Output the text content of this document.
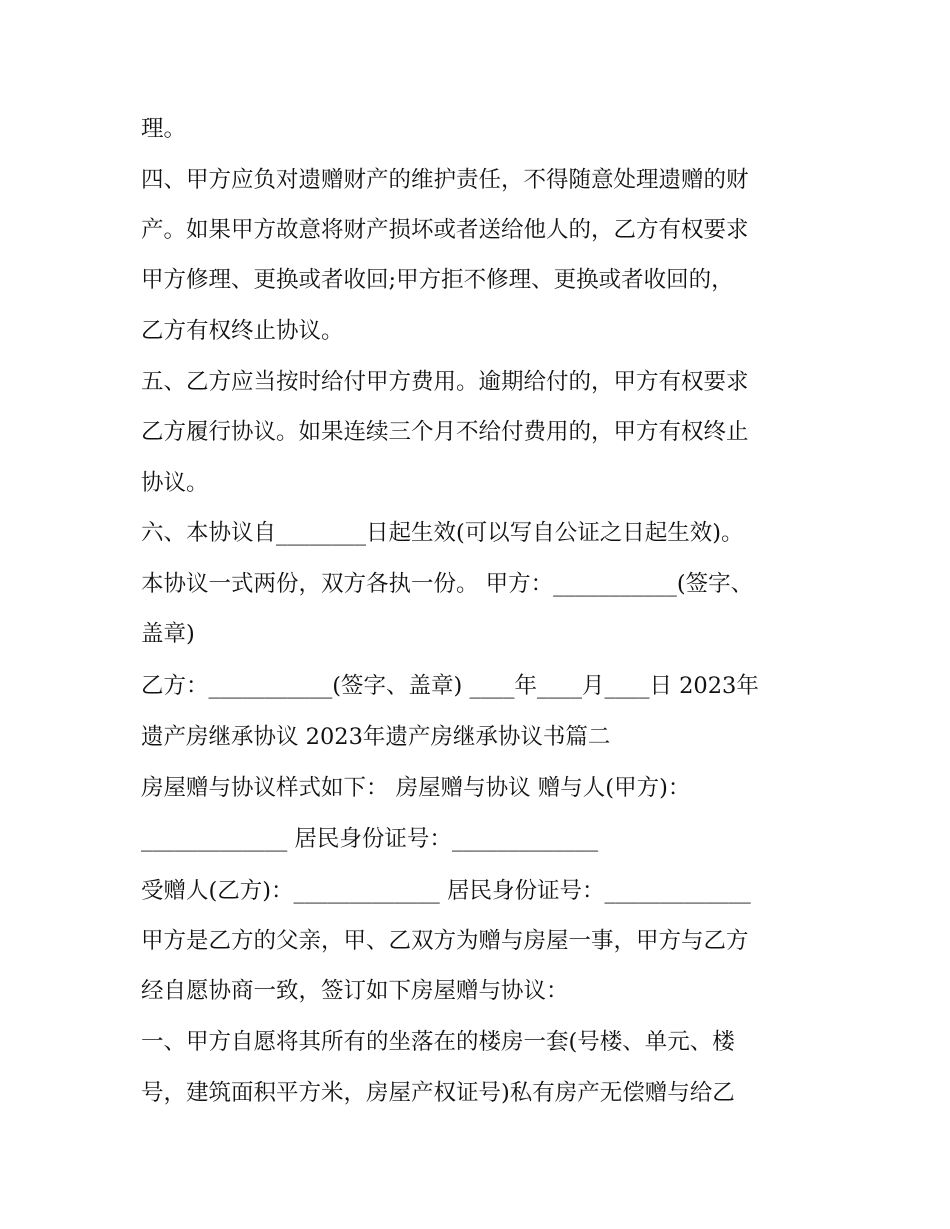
理。
四、甲方应负对遗赠财产的维护责任，不得随意处理遗赠的财
产。如果甲方故意将财产损坏或者送给他人的，乙方有权要求
甲方修理、更换或者收回;甲方拒不修理、更换或者收回的，
乙方有权终止协议。
五、乙方应当按时给付甲方费用。逾期给付的，甲方有权要求
乙方履行协议。如果连续三个月不给付费用的，甲方有权终止
协议。
六、本协议自________日起生效(可以写自公证之日起生效)。
本协议一式两份，双方各执一份。 甲方：___________(签字、
盖章)
乙方：___________(签字、盖章) ____年____月____日 2023年
遗产房继承协议 2023年遗产房继承协议书篇二
房屋赠与协议样式如下： 房屋赠与协议 赠与人(甲方)：
_____________ 居民身份证号：_____________
受赠人(乙方)：_____________ 居民身份证号：_____________
甲方是乙方的父亲，甲、乙双方为赠与房屋一事，甲方与乙方
经自愿协商一致，签订如下房屋赠与协议：
一、甲方自愿将其所有的坐落在的楼房一套(号楼、单元、楼
号，建筑面积平方米，房屋产权证号)私有房产无偿赠与给乙
